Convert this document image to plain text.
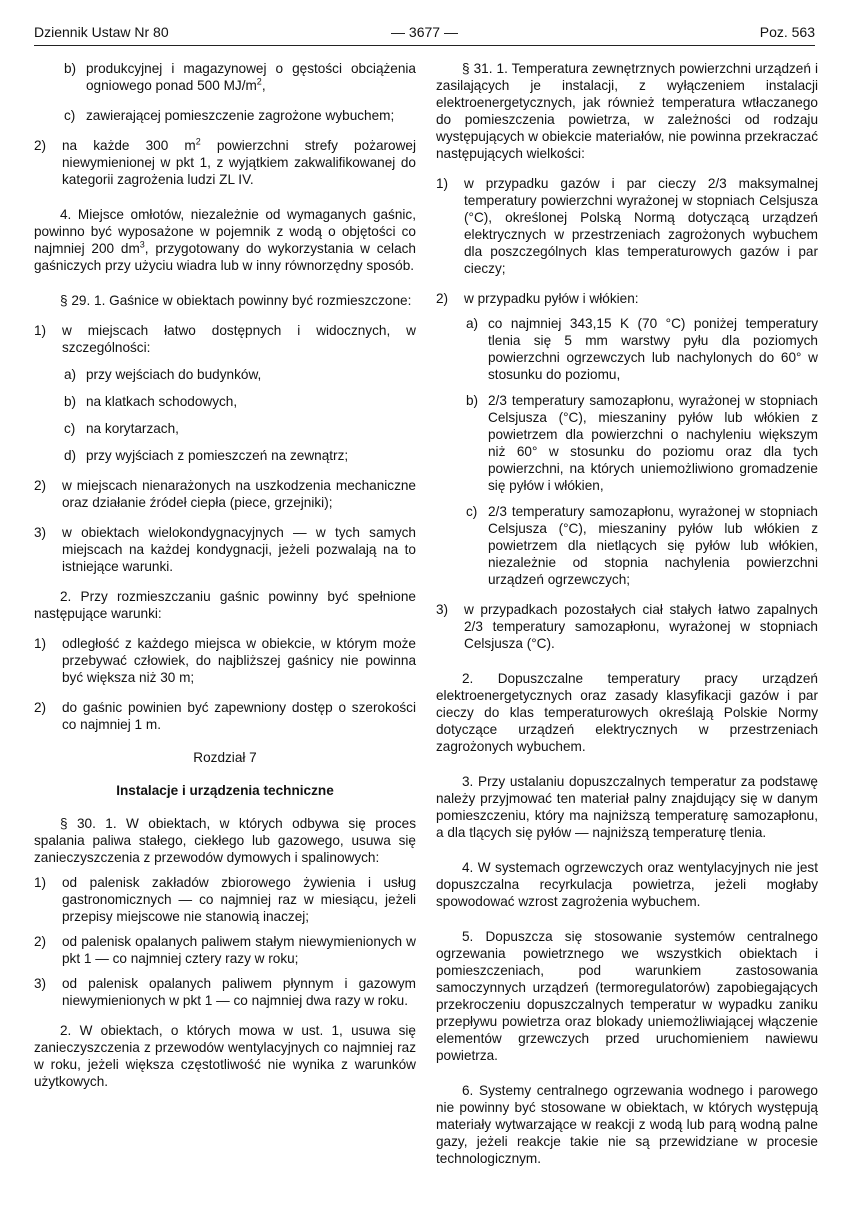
Dziennik Ustaw Nr 80	— 3677 —	Poz. 563
b) produkcyjnej i magazynowej o gęstości obciążenia ogniowego ponad 500 $MJ/m^2$,
c) zawierającej pomieszczenie zagrożone wybuchem;
2) na każde 300 $m^2$ powierzchni strefy pożarowej niewymienionej w pkt 1, z wyjątkiem zakwalifikowanej do kategorii zagrożenia ludzi ZL IV.
4. Miejsce omłotów, niezależnie od wymaganych gaśnic, powinno być wyposażone w pojemnik z wodą o objętości co najmniej 200 $dm^3$, przygotowany do wykorzystania w celach gaśniczych przy użyciu wiadra lub w inny równorzędny sposób.
§ 29. 1. Gaśnice w obiektach powinny być rozmieszczone:
1) w miejscach łatwo dostępnych i widocznych, w szczególności:
a) przy wejściach do budynków,
b) na klatkach schodowych,
c) na korytarzach,
d) przy wyjściach z pomieszczeń na zewnątrz;
2) w miejscach nienarażonych na uszkodzenia mechaniczne oraz działanie źródeł ciepła (piece, grzejniki);
3) w obiektach wielokondygnacyjnych — w tych samych miejscach na każdej kondygnacji, jeżeli pozwalają na to istniejące warunki.
2. Przy rozmieszczaniu gaśnic powinny być spełnione następujące warunki:
1) odległość z każdego miejsca w obiekcie, w którym może przebywać człowiek, do najbliższej gaśnicy nie powinna być większa niż 30 m;
2) do gaśnic powinien być zapewniony dostęp o szerokości co najmniej 1 m.
Rozdział 7
Instalacje i urządzenia techniczne
§ 30. 1. W obiektach, w których odbywa się proces spalania paliwa stałego, ciekłego lub gazowego, usuwa się zanieczyszczenia z przewodów dymowych i spalinowych:
1) od palenisk zakładów zbiorowego żywienia i usług gastronomicznych — co najmniej raz w miesiącu, jeżeli przepisy miejscowe nie stanowią inaczej;
2) od palenisk opalanych paliwem stałym niewymienionych w pkt 1 — co najmniej cztery razy w roku;
3) od palenisk opalanych paliwem płynnym i gazowym niewymienionych w pkt 1 — co najmniej dwa razy w roku.
2. W obiektach, o których mowa w ust. 1, usuwa się zanieczyszczenia z przewodów wentylacyjnych co najmniej raz w roku, jeżeli większa częstotliwość nie wynika z warunków użytkowych.
§ 31. 1. Temperatura zewnętrznych powierzchni urządzeń i zasilających je instalacji, z wyłączeniem instalacji elektroenergetycznych, jak również temperatura wtłaczanego do pomieszczenia powietrza, w zależności od rodzaju występujących w obiekcie materiałów, nie powinna przekraczać następujących wielkości:
1) w przypadku gazów i par cieczy 2/3 maksymalnej temperatury powierzchni wyrażonej w stopniach Celsjusza (°C), określonej Polską Normą dotyczącą urządzeń elektrycznych w przestrzeniach zagrożonych wybuchem dla poszczególnych klas temperaturowych gazów i par cieczy;
2) w przypadku pyłów i włókien:
a) co najmniej 343,15 K (70 °C) poniżej temperatury tlenia się 5 mm warstwy pyłu dla poziomych powierzchni ogrzewczych lub nachylonych do 60° w stosunku do poziomu,
b) 2/3 temperatury samozapłonu, wyrażonej w stopniach Celsjusza (°C), mieszaniny pyłów lub włókien z powietrzem dla powierzchni o nachyleniu większym niż 60° w stosunku do poziomu oraz dla tych powierzchni, na których uniemożliwiono gromadzenie się pyłów i włókien,
c) 2/3 temperatury samozapłonu, wyrażonej w stopniach Celsjusza (°C), mieszaniny pyłów lub włókien z powietrzem dla nietlących się pyłów lub włókien, niezależnie od stopnia nachylenia powierzchni urządzeń ogrzewczych;
3) w przypadkach pozostałych ciał stałych łatwo zapalnych 2/3 temperatury samozapłonu, wyrażonej w stopniach Celsjusza (°C).
2. Dopuszczalne temperatury pracy urządzeń elektroenergetycznych oraz zasady klasyfikacji gazów i par cieczy do klas temperaturowych określają Polskie Normy dotyczące urządzeń elektrycznych w przestrzeniach zagrożonych wybuchem.
3. Przy ustalaniu dopuszczalnych temperatur za podstawę należy przyjmować ten materiał palny znajdujący się w danym pomieszczeniu, który ma najniższą temperaturę samozapłonu, a dla tlących się pyłów — najniższą temperaturę tlenia.
4. W systemach ogrzewczych oraz wentylacyjnych nie jest dopuszczalna recyrkulacja powietrza, jeżeli mogłaby spowodować wzrost zagrożenia wybuchem.
5. Dopuszcza się stosowanie systemów centralnego ogrzewania powietrznego we wszystkich obiektach i pomieszczeniach, pod warunkiem zastosowania samoczynnych urządzeń (termoregulatorów) zapobiegających przekroczeniu dopuszczalnych temperatur w wypadku zaniku przepływu powietrza oraz blokady uniemożliwiającej włączenie elementów grzewczych przed uruchomieniem nawiewu powietrza.
6. Systemy centralnego ogrzewania wodnego i parowego nie powinny być stosowane w obiektach, w których występują materiały wytwarzające w reakcji z wodą lub parą wodną palne gazy, jeżeli reakcje takie nie są przewidziane w procesie technologicznym.
